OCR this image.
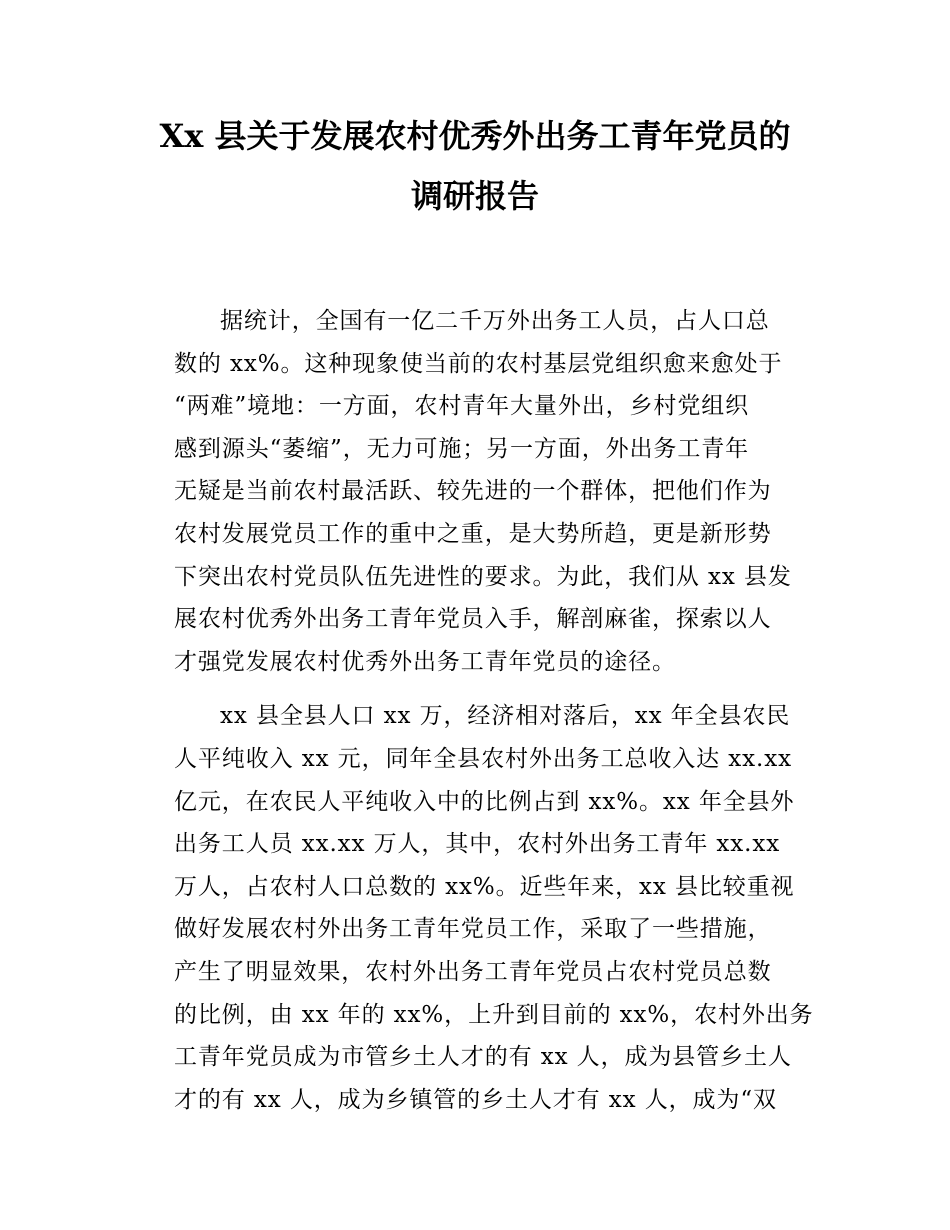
Xx 县关于发展农村优秀外出务工青年党员的
调研报告
据统计，全国有一亿二千万外出务工人员，占人口总
数的 xx%。这种现象使当前的农村基层党组织愈来愈处于
“两难”境地：一方面，农村青年大量外出，乡村党组织
感到源头“萎缩”，无力可施；另一方面，外出务工青年
无疑是当前农村最活跃、较先进的一个群体，把他们作为
农村发展党员工作的重中之重，是大势所趋，更是新形势
下突出农村党员队伍先进性的要求。为此，我们从 xx 县发
展农村优秀外出务工青年党员入手，解剖麻雀，探索以人
才强党发展农村优秀外出务工青年党员的途径。
xx 县全县人口 xx 万，经济相对落后，xx 年全县农民
人平纯收入 xx 元，同年全县农村外出务工总收入达 xx.xx
亿元，在农民人平纯收入中的比例占到 xx%。xx 年全县外
出务工人员 xx.xx 万人，其中，农村外出务工青年 xx.xx
万人，占农村人口总数的 xx%。近些年来，xx 县比较重视
做好发展农村外出务工青年党员工作，采取了一些措施，
产生了明显效果，农村外出务工青年党员占农村党员总数
的比例，由 xx 年的 xx%，上升到目前的 xx%，农村外出务
工青年党员成为市管乡土人才的有 xx 人，成为县管乡土人
才的有 xx 人，成为乡镇管的乡土人才有 xx 人，成为“双
